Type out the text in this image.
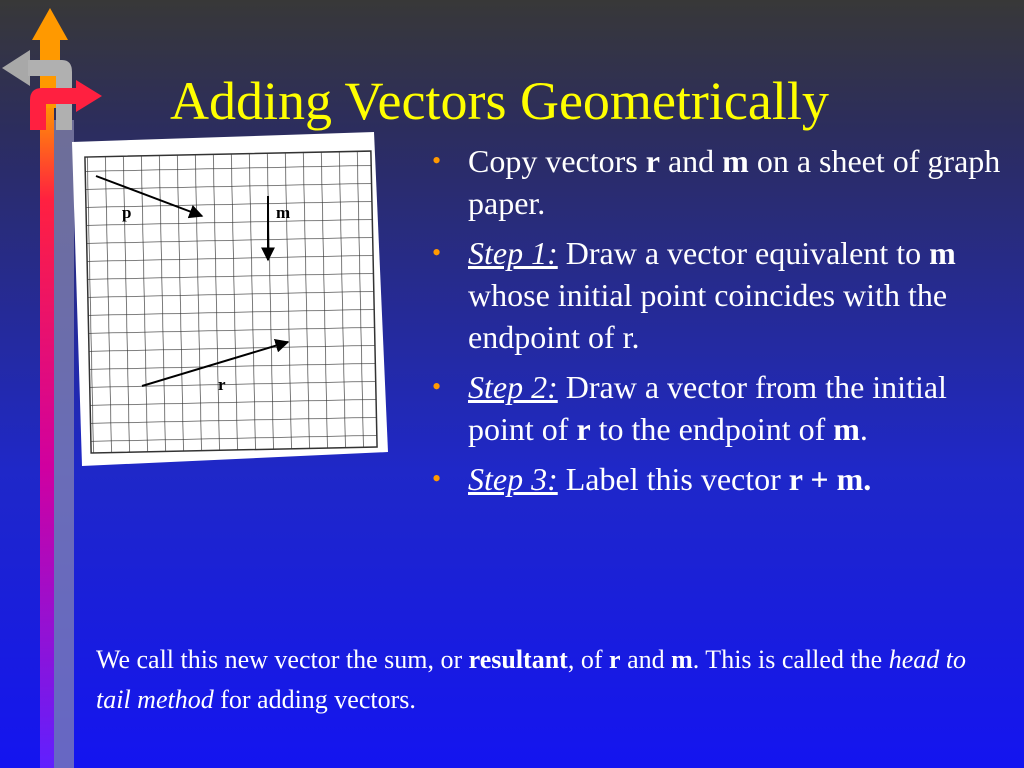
Adding Vectors Geometrically
p	m
r
• Copy vectors r and m on a sheet of graph paper.
• Step 1: Draw a vector equivalent to m whose initial point coincides with the endpoint of r.
• Step 2: Draw a vector from the initial point of r to the endpoint of m.
• Step 3: Label this vector r + m.
We call this new vector the sum, or resultant, of r and m. This is called the head to tail method for adding vectors.
